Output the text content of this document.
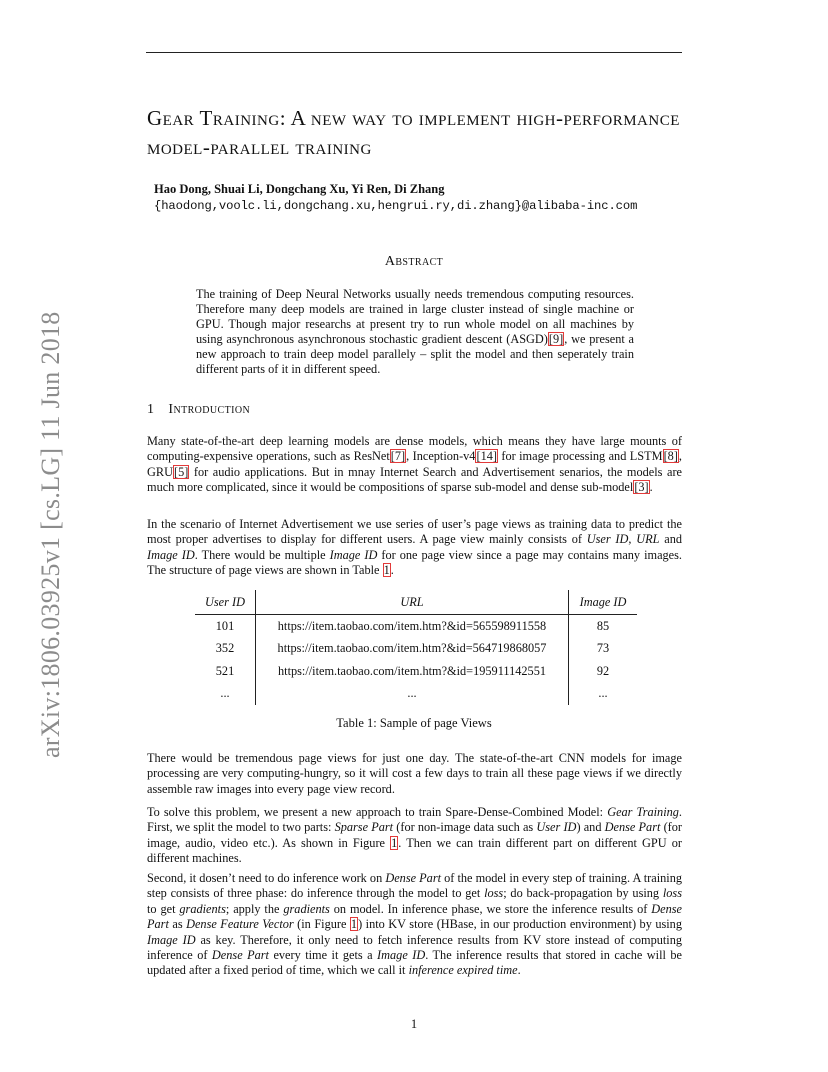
arXiv:1806.03925v1 [cs.LG] 11 Jun 2018
Gear Training: A new way to implement high-performance model-parallel training
Hao Dong, Shuai Li, Dongchang Xu, Yi Ren, Di Zhang
{haodong,voolc.li,dongchang.xu,hengrui.ry,di.zhang}@alibaba-inc.com
Abstract

The training of Deep Neural Networks usually needs tremendous computing resources. Therefore many deep models are trained in large cluster instead of single machine or GPU. Though major researchs at present try to run whole model on all machines by using asynchronous asynchronous stochastic gradient descent (ASGD)[9], we present a new approach to train deep model parallely – split the model and then seperately train different parts of it in different speed.

1 Introduction

Many state-of-the-art deep learning models are dense models, which means they have large mounts of computing-expensive operations, such as ResNet[7], Inception-v4[14] for image processing and LSTM[8], GRU[5] for audio applications. But in mnay Internet Search and Advertisement senarios, the models are much more complicated, since it would be compositions of sparse sub-model and dense sub-model[3].

In the scenario of Internet Advertisement we use series of user’s page views as training data to predict the most proper advertises to display for different users. A page view mainly consists of User ID, URL and Image ID. There would be multiple Image ID for one page view since a page may contains many images. The structure of page views are shown in Table 1.

User ID	URL	Image ID
101	https://item.taobao.com/item.htm?&id=565598911558	85
352	https://item.taobao.com/item.htm?&id=564719868057	73
521	https://item.taobao.com/item.htm?&id=195911142551	92
...	...	...
Table 1: Sample of page Views

There would be tremendous page views for just one day. The state-of-the-art CNN models for image processing are very computing-hungry, so it will cost a few days to train all these page views if we directly assemble raw images into every page view record.

To solve this problem, we present a new approach to train Spare-Dense-Combined Model: Gear Training. First, we split the model to two parts: Sparse Part (for non-image data such as User ID) and Dense Part (for image, audio, video etc.). As shown in Figure 1. Then we can train different part on different GPU or different machines.

Second, it dosen’t need to do inference work on Dense Part of the model in every step of training. A training step consists of three phase: do inference through the model to get loss; do back-propagation by using loss to get gradients; apply the gradients on model. In inference phase, we store the inference results of Dense Part as Dense Feature Vector (in Figure 1) into KV store (HBase, in our production environment) by using Image ID as key. Therefore, it only need to fetch inference results from KV store instead of computing inference of Dense Part every time it gets a Image ID. The inference results that stored in cache will be updated after a fixed period of time, which we call it inference expired time.

1
